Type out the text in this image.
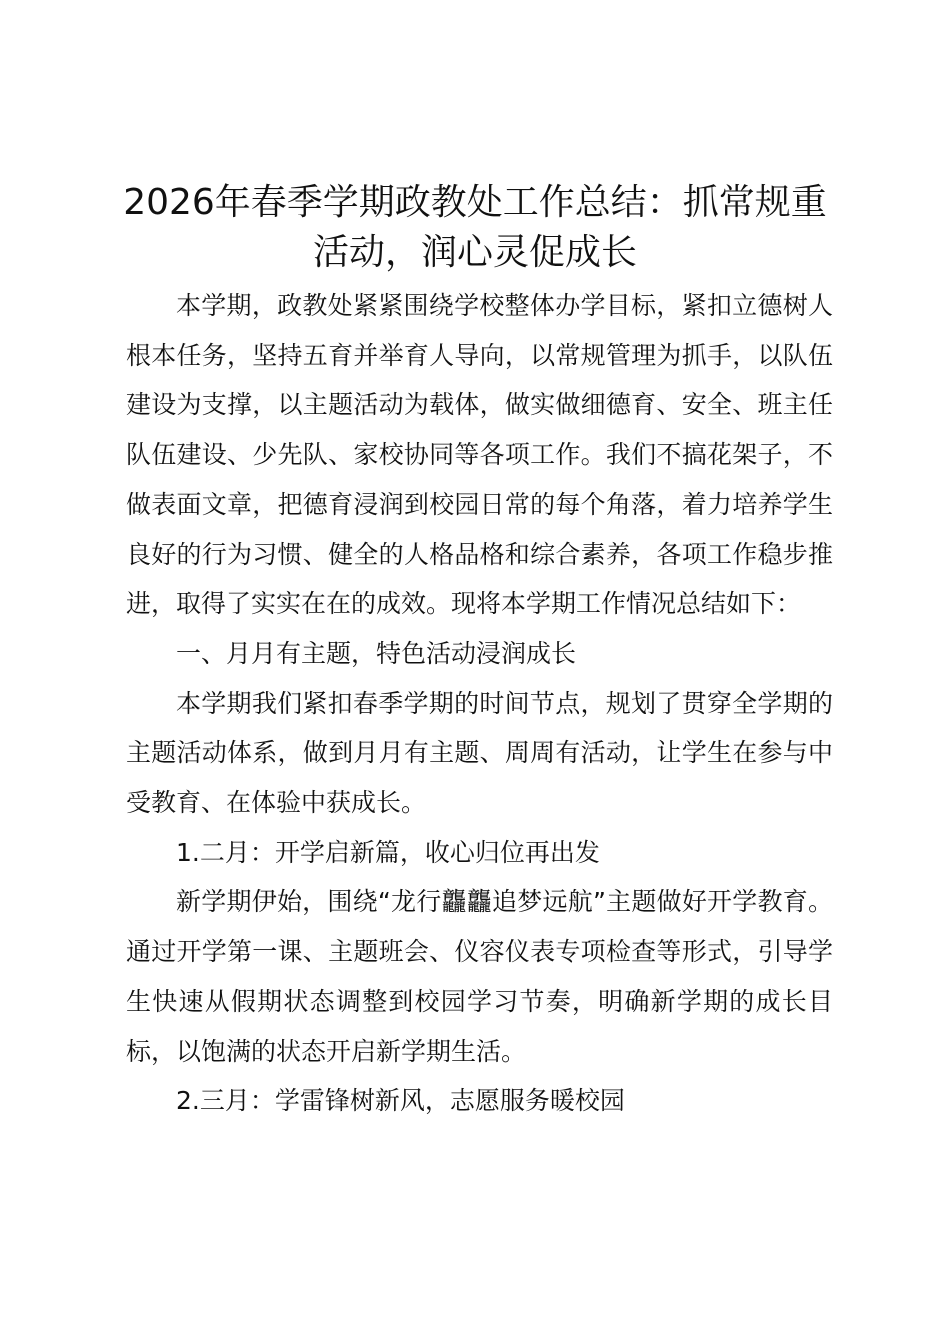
2026年春季学期政教处工作总结：抓常规重活动，润心灵促成长

本学期，政教处紧紧围绕学校整体办学目标，紧扣立德树人根本任务，坚持五育并举育人导向，以常规管理为抓手，以队伍建设为支撑，以主题活动为载体，做实做细德育、安全、班主任队伍建设、少先队、家校协同等各项工作。我们不搞花架子，不做表面文章，把德育浸润到校园日常的每个角落，着力培养学生良好的行为习惯、健全的人格品格和综合素养，各项工作稳步推进，取得了实实在在的成效。现将本学期工作情况总结如下：

一、月月有主题，特色活动浸润成长

本学期我们紧扣春季学期的时间节点，规划了贯穿全学期的主题活动体系，做到月月有主题、周周有活动，让学生在参与中受教育、在体验中获成长。

1.二月：开学启新篇，收心归位再出发

新学期伊始，围绕“龙行龘龘追梦远航”主题做好开学教育。通过开学第一课、主题班会、仪容仪表专项检查等形式，引导学生快速从假期状态调整到校园学习节奏，明确新学期的成长目标，以饱满的状态开启新学期生活。

2.三月：学雷锋树新风，志愿服务暖校园
